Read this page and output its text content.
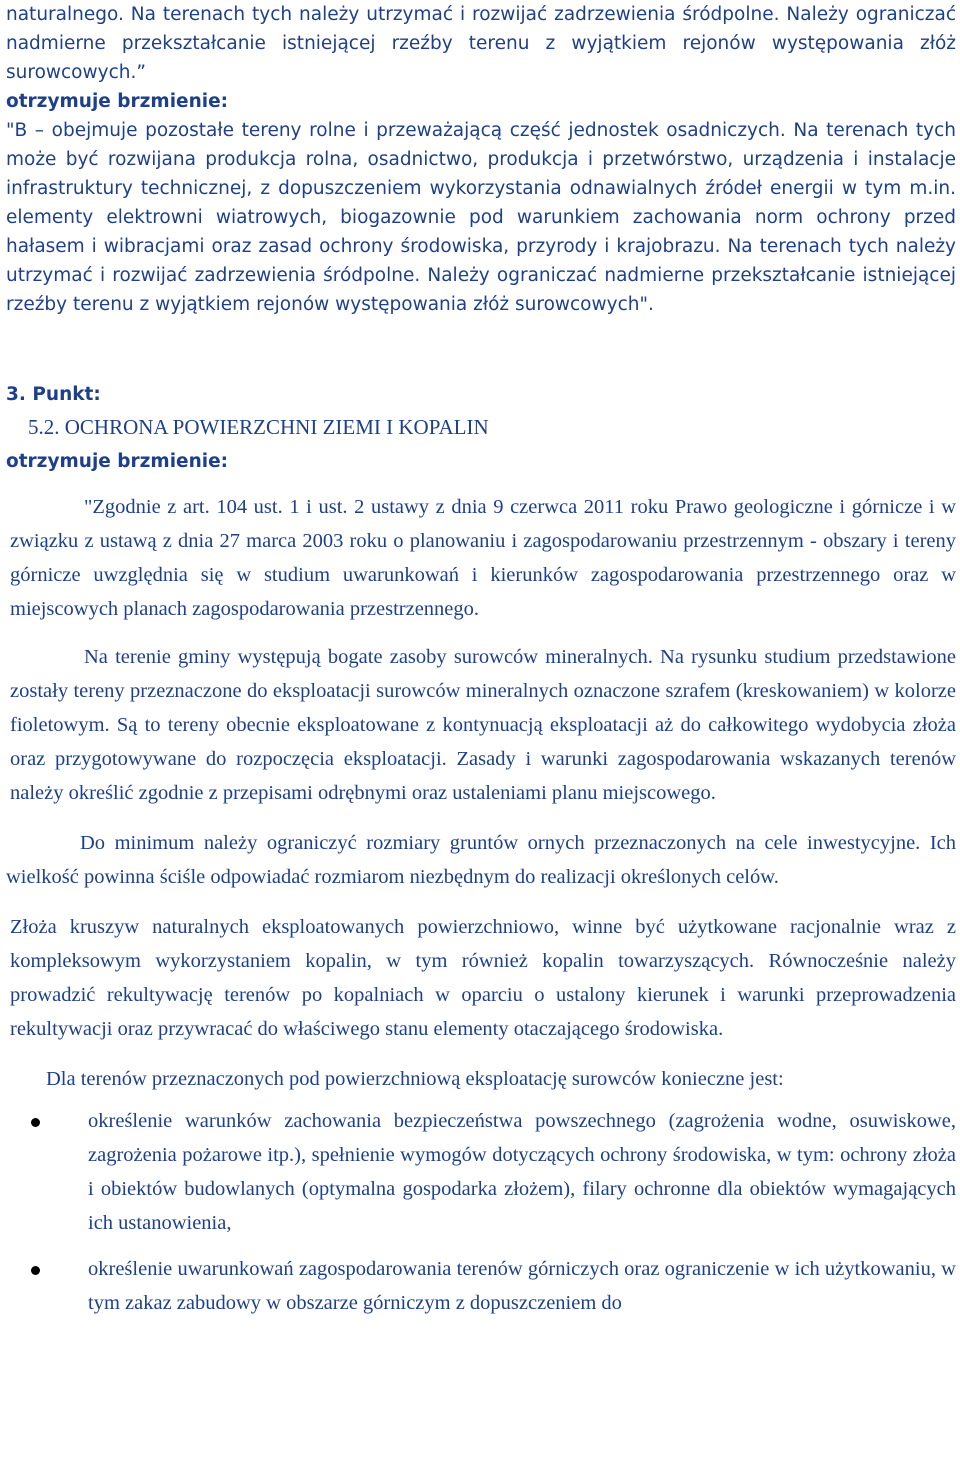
naturalnego. Na terenach tych należy utrzymać i rozwijać zadrzewienia śródpolne. Należy ograniczać nadmierne przekształcanie istniejącej rzeźby terenu z wyjątkiem rejonów występowania złóż surowcowych.”

otrzymuje brzmienie:

"B – obejmuje pozostałe tereny rolne i przeważającą część jednostek osadniczych. Na terenach tych może być rozwijana produkcja rolna, osadnictwo, produkcja i przetwórstwo, urządzenia i instalacje infrastruktury technicznej, z dopuszczeniem wykorzystania odnawialnych źródeł energii w tym m.in. elementy elektrowni wiatrowych, biogazownie pod warunkiem zachowania norm ochrony przed hałasem i wibracjami oraz zasad ochrony środowiska, przyrody i krajobrazu. Na terenach tych należy utrzymać i rozwijać zadrzewienia śródpolne. Należy ograniczać nadmierne przekształcanie istniejącej rzeźby terenu z wyjątkiem rejonów występowania złóż surowcowych".

3. Punkt:

5.2. OCHRONA POWIERZCHNI ZIEMI I KOPALIN

otrzymuje brzmienie:

"Zgodnie z art. 104 ust. 1 i ust. 2 ustawy z dnia 9 czerwca 2011 roku Prawo geologiczne i górnicze i w związku z ustawą z dnia 27 marca 2003 roku o planowaniu i zagospodarowaniu przestrzennym - obszary i tereny górnicze uwzględnia się w studium uwarunkowań i kierunków zagospodarowania przestrzennego oraz w miejscowych planach zagospodarowania przestrzennego.

Na terenie gminy występują bogate zasoby surowców mineralnych. Na rysunku studium przedstawione zostały tereny przeznaczone do eksploatacji surowców mineralnych oznaczone szrafem (kreskowaniem) w kolorze fioletowym. Są to tereny obecnie eksploatowane z kontynuacją eksploatacji aż do całkowitego wydobycia złoża oraz przygotowywane do rozpoczęcia eksploatacji. Zasady i warunki zagospodarowania wskazanych terenów należy określić zgodnie z przepisami odrębnymi oraz ustaleniami planu miejscowego.

Do minimum należy ograniczyć rozmiary gruntów ornych przeznaczonych na cele inwestycyjne. Ich wielkość powinna ściśle odpowiadać rozmiarom niezbędnym do realizacji określonych celów.

Złoża kruszyw naturalnych eksploatowanych powierzchniowo, winne być użytkowane racjonalnie wraz z kompleksowym wykorzystaniem kopalin, w tym również kopalin towarzyszących. Równocześnie należy prowadzić rekultywację terenów po kopalniach w oparciu o ustalony kierunek i warunki przeprowadzenia rekultywacji oraz przywracać do właściwego stanu elementy otaczającego środowiska.

Dla terenów przeznaczonych pod powierzchniową eksploatację surowców konieczne jest:

określenie warunków zachowania bezpieczeństwa powszechnego (zagrożenia wodne, osuwiskowe, zagrożenia pożarowe itp.), spełnienie wymogów dotyczących ochrony środowiska, w tym: ochrony złoża i obiektów budowlanych (optymalna gospodarka złożem), filary ochronne dla obiektów wymagających ich ustanowienia,
określenie uwarunkowań zagospodarowania terenów górniczych oraz ograniczenie w ich użytkowaniu, w tym zakaz zabudowy w obszarze górniczym z dopuszczeniem do
